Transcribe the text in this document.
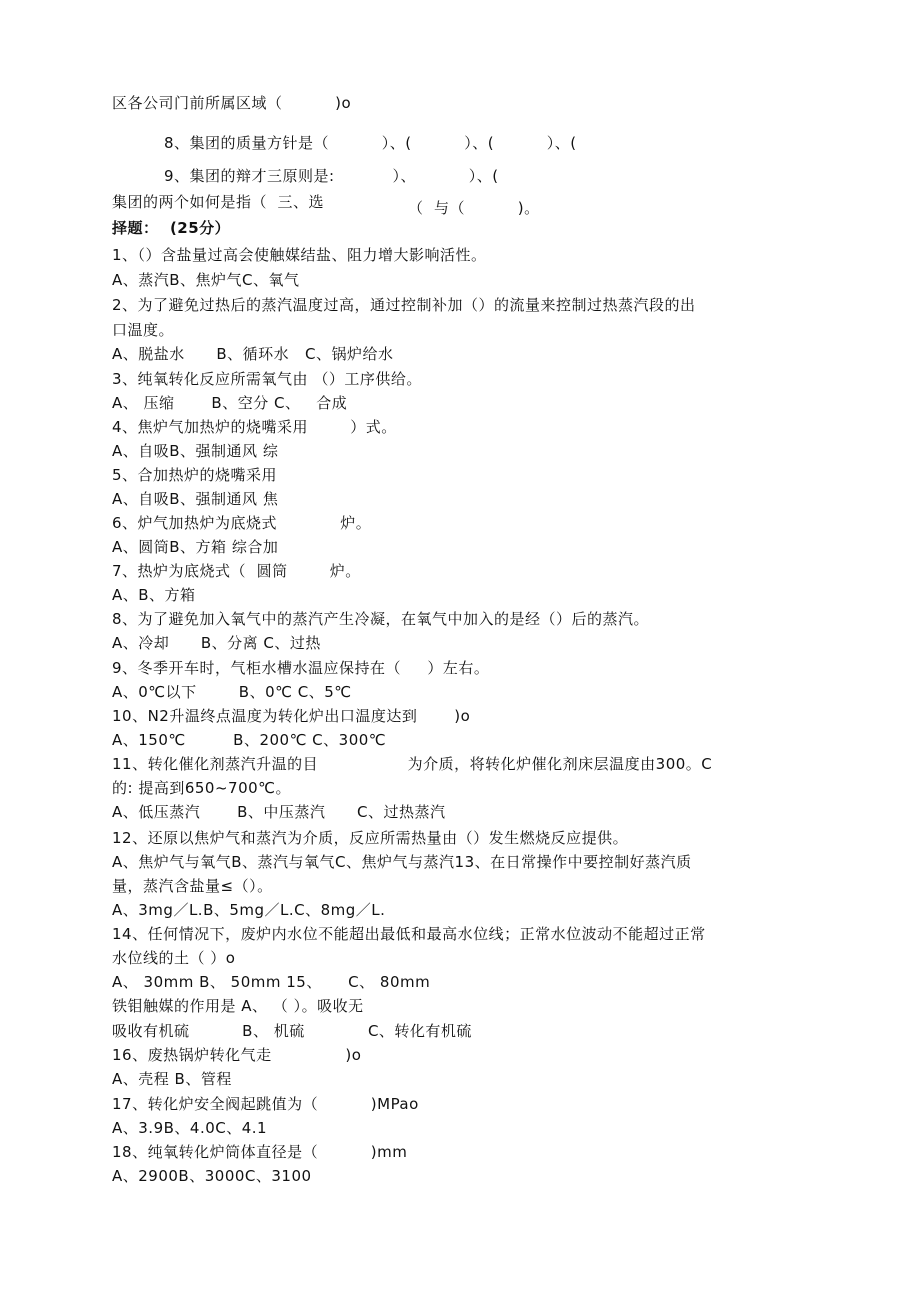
区各公司门前所属区域（          )o
8、集团的质量方针是（          ）、(          ）、(          ）、(
9、集团的辩才三原则是:           ）、          ）、(
集团的两个如何是指（  三、选	（  与（          )。
择题：  (25分）
1、（）含盐量过高会使触媒结盐、阻力增大影响活性。
A、蒸汽B、焦炉气C、氧气
2、为了避免过热后的蒸汽温度过高，通过控制补加（）的流量来控制过热蒸汽段的出
口温度。
A、脱盐水      B、循环水   C、锅炉给水
3、纯氧转化反应所需氧气由 （）工序供给。
A、 压缩       B、空分 C、   合成
4、焦炉气加热炉的烧嘴采用        ）式。
A、自吸B、强制通风 综
5、合加热炉的烧嘴采用
A、自吸B、强制通风 焦
6、炉气加热炉为底烧式            炉。
A、圆筒B、方箱 综合加
7、热炉为底烧式（  圆筒        炉。
A、B、方箱
8、为了避免加入氧气中的蒸汽产生冷凝，在氧气中加入的是经（）后的蒸汽。
A、冷却      B、分离 C、过热
9、冬季开车时，气柜水槽水温应保持在（     ）左右。
A、0℃以下        B、0℃ C、5℃
10、N2升温终点温度为转化炉出口温度达到       )o
A、150℃         B、200℃ C、300℃
11、转化催化剂蒸汽升温的目                 为介质，将转化炉催化剂床层温度由300。C
的: 提高到650~700℃。
A、低压蒸汽       B、中压蒸汽      C、过热蒸汽
12、还原以焦炉气和蒸汽为介质，反应所需热量由（）发生燃烧反应提供。
A、焦炉气与氧气B、蒸汽与氧气C、焦炉气与蒸汽13、在日常操作中要控制好蒸汽质
量，蒸汽含盐量≤（）。
A、3mg／L.B、5mg／L.C、8mg／L.
14、任何情况下，废炉内水位不能超出最低和最高水位线；正常水位波动不能超过正常
水位线的土（ ）o
A、 30mm B、 50mm 15、     C、 80mm
铁钼触媒的作用是 A、 （ ）。吸收无
吸收有机硫          B、 机硫            C、转化有机硫
16、废热锅炉转化气走              )o
A、壳程 B、管程
17、转化炉安全阀起跳值为（          )MPao
A、3.9B、4.0C、4.1
18、纯氧转化炉筒体直径是（          )mm
A、2900B、3000C、3100
